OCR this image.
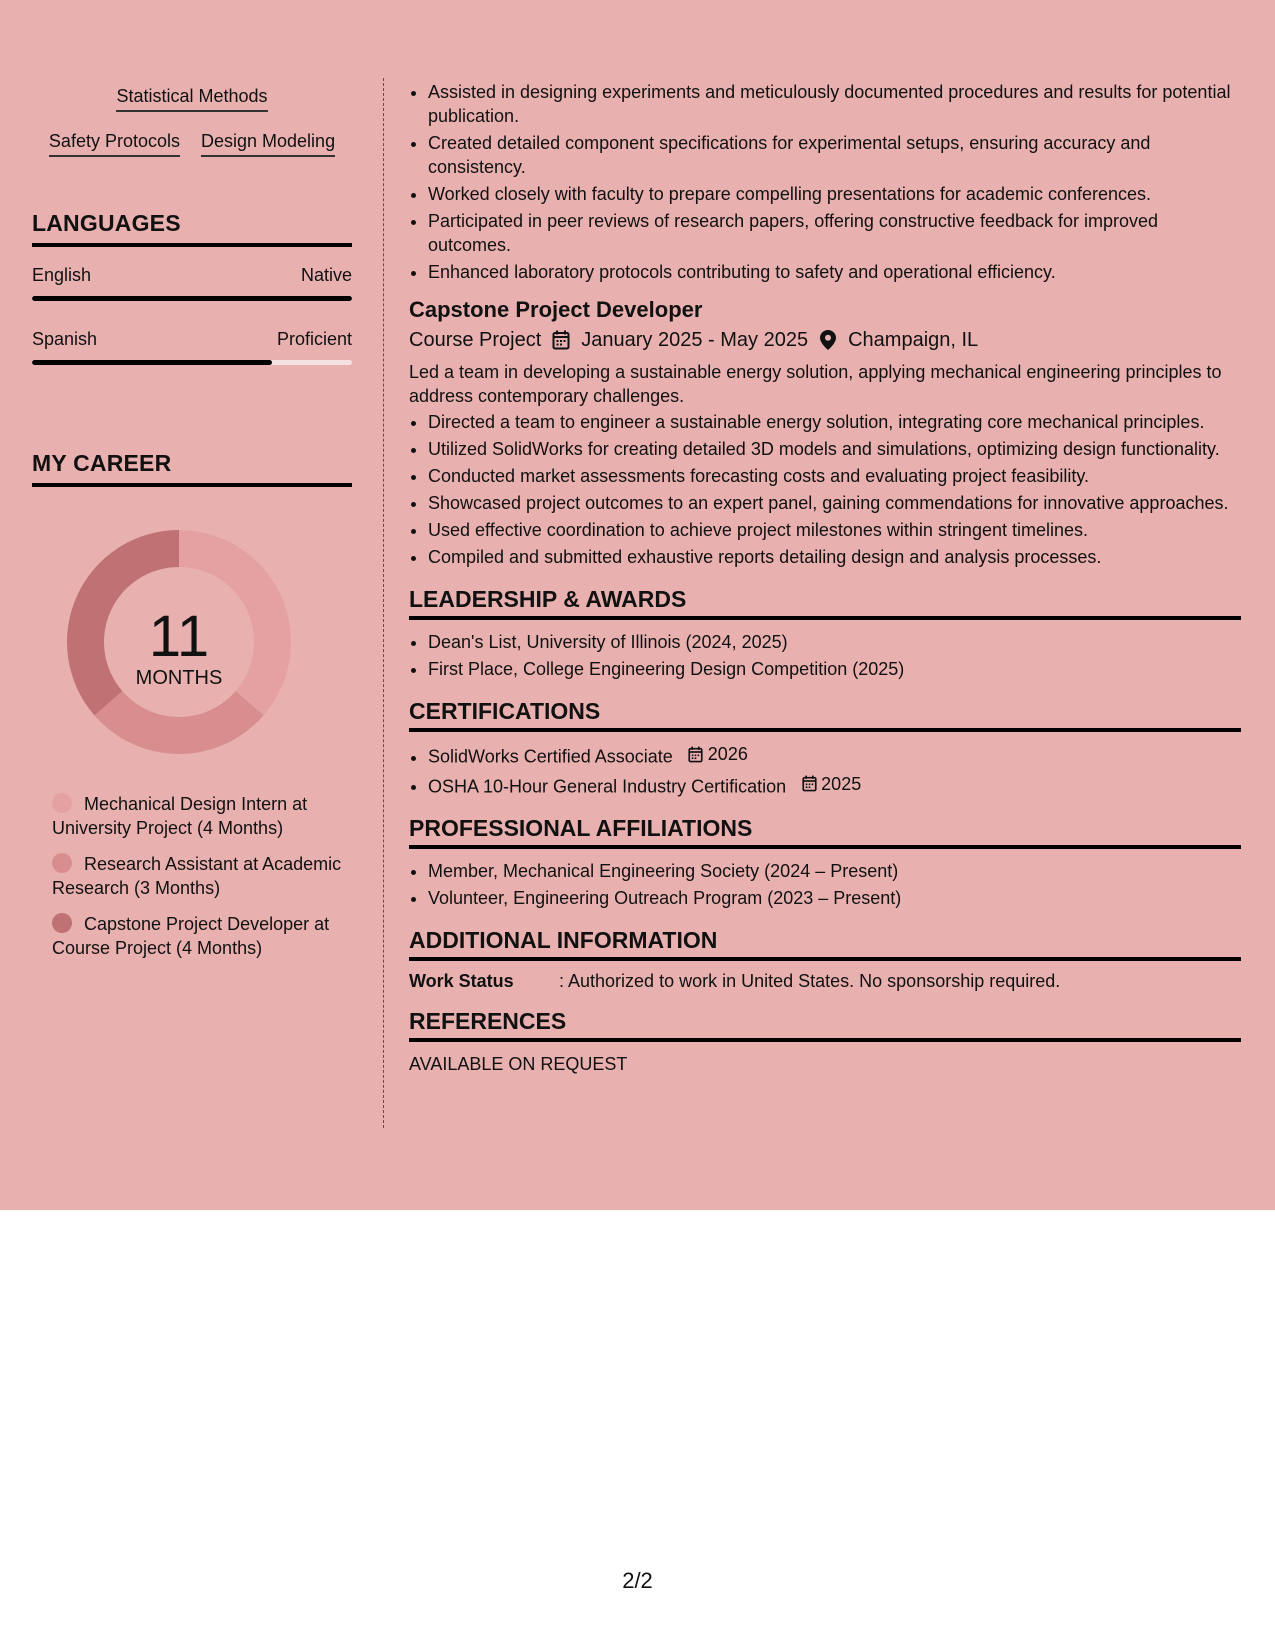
Statistical Methods
Safety Protocols Design Modeling
LANGUAGES
English	Native
Spanish	Proficient
MY CAREER
11
MONTHS
Mechanical Design Intern at University Project (4 Months)
Research Assistant at Academic Research (3 Months)
Capstone Project Developer at Course Project (4 Months)
• Assisted in designing experiments and meticulously documented procedures and results for potential publication.
• Created detailed component specifications for experimental setups, ensuring accuracy and consistency.
• Worked closely with faculty to prepare compelling presentations for academic conferences.
• Participated in peer reviews of research papers, offering constructive feedback for improved outcomes.
• Enhanced laboratory protocols contributing to safety and operational efficiency.
Capstone Project Developer
Course Project January 2025 - May 2025 Champaign, IL

Led a team in developing a sustainable energy solution, applying mechanical engineering principles to address contemporary challenges.

• Directed a team to engineer a sustainable energy solution, integrating core mechanical principles.
• Utilized SolidWorks for creating detailed 3D models and simulations, optimizing design functionality.
• Conducted market assessments forecasting costs and evaluating project feasibility.
• Showcased project outcomes to an expert panel, gaining commendations for innovative approaches.
• Used effective coordination to achieve project milestones within stringent timelines.
• Compiled and submitted exhaustive reports detailing design and analysis processes.
LEADERSHIP & AWARDS
• Dean's List, University of Illinois (2024, 2025)
• First Place, College Engineering Design Competition (2025)
CERTIFICATIONS
• SolidWorks Certified Associate 2026
• OSHA 10-Hour General Industry Certification 2025
PROFESSIONAL AFFILIATIONS
• Member, Mechanical Engineering Society (2024 – Present)
• Volunteer, Engineering Outreach Program (2023 – Present)
ADDITIONAL INFORMATION
Work Status	: Authorized to work in United States. No sponsorship required.
REFERENCES
AVAILABLE ON REQUEST
2/2
